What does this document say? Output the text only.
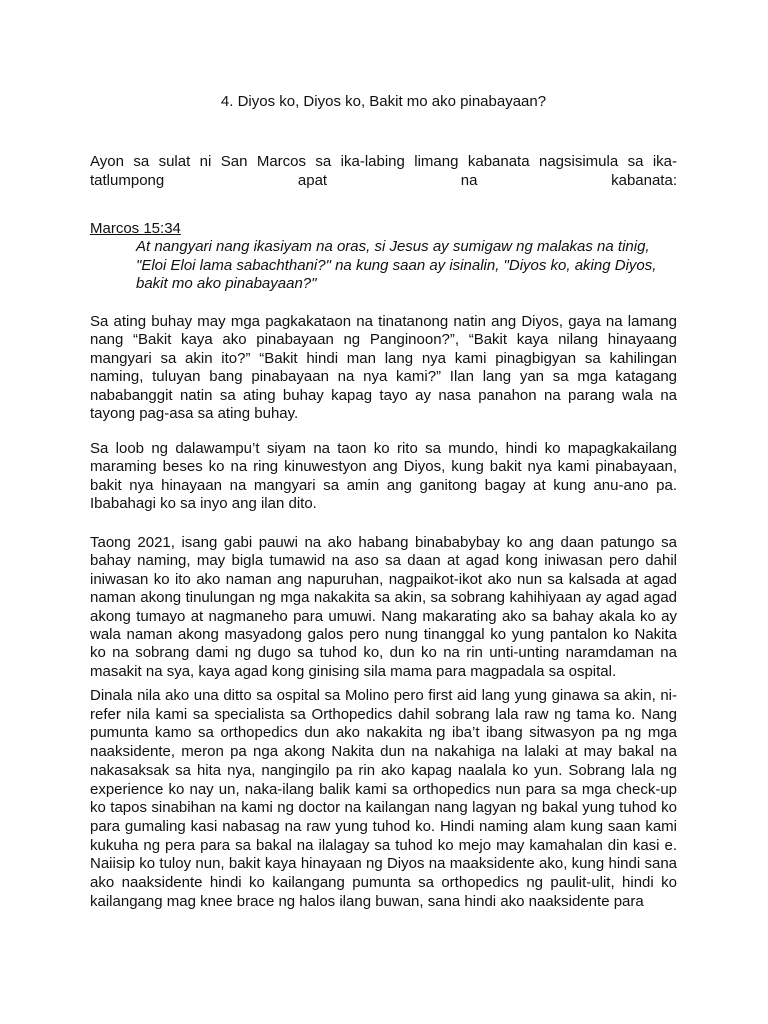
4. Diyos ko, Diyos ko, Bakit mo ako pinabayaan?
Ayon sa sulat ni San Marcos sa ika-labing limang kabanata nagsisimula sa ika-tatlumpong apat na kabanata:
Marcos 15:34
At nangyari nang ikasiyam na oras, si Jesus ay sumigaw ng malakas na tinig, "Eloi Eloi lama sabachthani?" na kung saan ay isinalin, "Diyos ko, aking Diyos, bakit mo ako pinabayaan?"

Sa ating buhay may mga pagkakataon na tinatanong natin ang Diyos, gaya na lamang nang “Bakit kaya ako pinabayaan ng Panginoon?”, “Bakit kaya nilang hinayaang mangyari sa akin ito?” “Bakit hindi man lang nya kami pinagbigyan sa kahilingan naming, tuluyan bang pinabayaan na nya kami?” Ilan lang yan sa mga katagang nababanggit natin sa ating buhay kapag tayo ay nasa panahon na parang wala na tayong pag-asa sa ating buhay.

Sa loob ng dalawampu’t siyam na taon ko rito sa mundo, hindi ko mapagkakailang maraming beses ko na ring kinuwestyon ang Diyos, kung bakit nya kami pinabayaan, bakit nya hinayaan na mangyari sa amin ang ganitong bagay at kung anu-ano pa. Ibabahagi ko sa inyo ang ilan dito.

Taong 2021, isang gabi pauwi na ako habang binababybay ko ang daan patungo sa bahay naming, may bigla tumawid na aso sa daan at agad kong iniwasan pero dahil iniwasan ko ito ako naman ang napuruhan, nagpaikot-ikot ako nun sa kalsada at agad naman akong tinulungan ng mga nakakita sa akin, sa sobrang kahihiyaan ay agad agad akong tumayo at nagmaneho para umuwi. Nang makarating ako sa bahay akala ko ay wala naman akong masyadong galos pero nung tinanggal ko yung pantalon ko Nakita ko na sobrang dami ng dugo sa tuhod ko, dun ko na rin unti-unting naramdaman na masakit na sya, kaya agad kong ginising sila mama para magpadala sa ospital.

Dinala nila ako una ditto sa ospital sa Molino pero first aid lang yung ginawa sa akin, ni-refer nila kami sa specialista sa Orthopedics dahil sobrang lala raw ng tama ko. Nang pumunta kamo sa orthopedics dun ako nakakita ng iba’t ibang sitwasyon pa ng mga naaksidente, meron pa nga akong Nakita dun na nakahiga na lalaki at may bakal na nakasaksak sa hita nya, nangingilo pa rin ako kapag naalala ko yun. Sobrang lala ng experience ko nay un, naka-ilang balik kami sa orthopedics nun para sa mga check-up ko tapos sinabihan na kami ng doctor na kailangan nang lagyan ng bakal yung tuhod ko para gumaling kasi nabasag na raw yung tuhod ko. Hindi naming alam kung saan kami kukuha ng pera para sa bakal na ilalagay sa tuhod ko mejo may kamahalan din kasi e. Naiisip ko tuloy nun, bakit kaya hinayaan ng Diyos na maaksidente ako, kung hindi sana ako naaksidente hindi ko kailangang pumunta sa orthopedics ng paulit-ulit, hindi ko kailangang mag knee brace ng halos ilang buwan, sana hindi ako naaksidente para
